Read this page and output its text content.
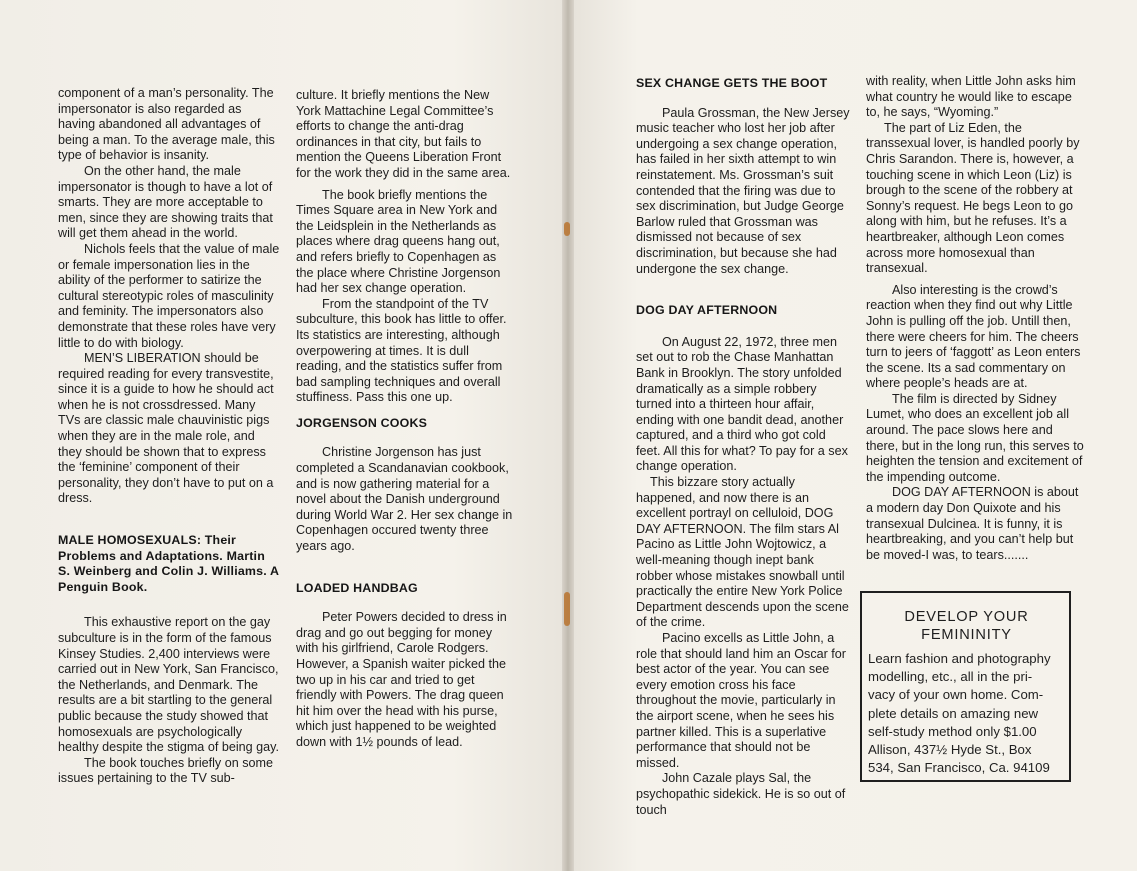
component of a man’s personality. The impersonator is also regarded as having abandoned all advantages of being a man. To the average male, this type of behavior is insanity.

On the other hand, the male impersonator is though to have a lot of smarts. They are more acceptable to men, since they are showing traits that will get them ahead in the world.

Nichols feels that the value of male or female impersonation lies in the ability of the performer to satirize the cultural stereotypic roles of masculinity and feminity. The impersonators also demonstrate that these roles have very little to do with biology.

MEN’S LIBERATION should be required reading for every transvestite, since it is a guide to how he should act when he is not crossdressed. Many TVs are classic male chauvinistic pigs when they are in the male role, and they should be shown that to express the ‘feminine’ component of their personality, they don’t have to put on a dress.

MALE HOMOSEXUALS: Their Problems and Adaptations. Martin S. Weinberg and Colin J. Williams. A Penguin Book.

This exhaustive report on the gay subculture is in the form of the famous Kinsey Studies. 2,400 interviews were carried out in New York, San Francisco, the Netherlands, and Denmark. The results are a bit startling to the general public because the study showed that homosexuals are psychologically healthy despite the stigma of being gay.

The book touches briefly on some issues pertaining to the TV sub-

culture. It briefly mentions the New York Mattachine Legal Committee’s efforts to change the anti-drag ordinances in that city, but fails to mention the Queens Liberation Front for the work they did in the same area.

The book briefly mentions the Times Square area in New York and the Leidsplein in the Netherlands as places where drag queens hang out, and refers briefly to Copenhagen as the place where Christine Jorgenson had her sex change operation.

From the standpoint of the TV subculture, this book has little to offer. Its statistics are interesting, although overpowering at times. It is dull reading, and the statistics suffer from bad sampling techniques and overall stuffiness. Pass this one up.

JORGENSON COOKS

Christine Jorgenson has just completed a Scandanavian cookbook, and is now gathering material for a novel about the Danish underground during World War 2. Her sex change in Copenhagen occured twenty three years ago.

LOADED HANDBAG

Peter Powers decided to dress in drag and go out begging for money with his girlfriend, Carole Rodgers. However, a Spanish waiter picked the two up in his car and tried to get friendly with Powers. The drag queen hit him over the head with his purse, which just happened to be weighted down with 1½ pounds of lead.

SEX CHANGE GETS THE BOOT

Paula Grossman, the New Jersey music teacher who lost her job after undergoing a sex change operation, has failed in her sixth attempt to win reinstatement. Ms. Grossman’s suit contended that the firing was due to sex discrimination, but Judge George Barlow ruled that Grossman was dismissed not because of sex discrimination, but because she had undergone the sex change.

DOG DAY AFTERNOON

On August 22, 1972, three men set out to rob the Chase Manhattan Bank in Brooklyn. The story unfolded dramatically as a simple robbery turned into a thirteen hour affair, ending with one bandit dead, another captured, and a third who got cold feet. All this for what? To pay for a sex change operation.

This bizzare story actually happened, and now there is an excellent portrayl on celluloid, DOG DAY AFTERNOON. The film stars Al Pacino as Little John Wojtowicz, a well-meaning though inept bank robber whose mistakes snowball until practically the entire New York Police Department descends upon the scene of the crime.

Pacino excells as Little John, a role that should land him an Oscar for best actor of the year. You can see every emotion cross his face throughout the movie, particularly in the airport scene, when he sees his partner killed. This is a superlative performance that should not be missed.

John Cazale plays Sal, the psychopathic sidekick. He is so out of touch

with reality, when Little John asks him what country he would like to escape to, he says, “Wyoming.”

The part of Liz Eden, the transsexual lover, is handled poorly by Chris Sarandon. There is, however, a touching scene in which Leon (Liz) is brough to the scene of the robbery at Sonny’s request. He begs Leon to go along with him, but he refuses. It’s a heartbreaker, although Leon comes across more homosexual than transexual.

Also interesting is the crowd’s reaction when they find out why Little John is pulling off the job. Untill then, there were cheers for him. The cheers turn to jeers of ‘faggott’ as Leon enters the scene. Its a sad commentary on where people’s heads are at.

The film is directed by Sidney Lumet, who does an excellent job all around. The pace slows here and there, but in the long run, this serves to heighten the tension and excitement of the impending outcome.

DOG DAY AFTERNOON is about a modern day Don Quixote and his transexual Dulcinea. It is funny, it is heartbreaking, and you can’t help but be moved-I was, to tears.......

DEVELOP YOUR
FEMININITY
Learn fashion and photography
modelling, etc., all in the pri-
vacy of your own home. Com-
plete details on amazing new
self-study method only $1.00
Allison, 437½ Hyde St., Box
534, San Francisco, Ca. 94109
